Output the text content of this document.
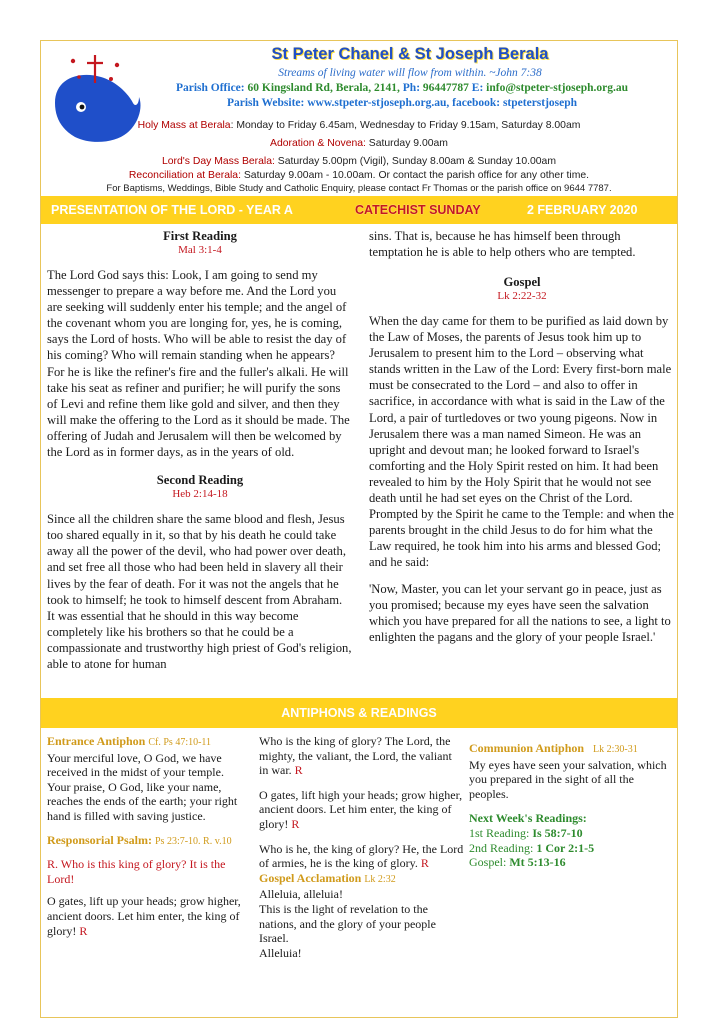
St Peter Chanel & St Joseph Berala
Streams of living water will flow from within. ~John 7:38
Parish Office: 60 Kingsland Rd, Berala, 2141, Ph: 96447787 E: info@stpeter-stjoseph.org.au
Parish Website: www.stpeter-stjoseph.org.au, facebook: stpeterstjoseph
Holy Mass at Berala: Monday to Friday 6.45am, Wednesday to Friday 9.15am, Saturday 8.00am
Adoration & Novena: Saturday 9.00am
Lord's Day Mass Berala: Saturday 5.00pm (Vigil), Sunday 8.00am & Sunday 10.00am
Reconciliation at Berala: Saturday 9.00am - 10.00am. Or contact the parish office for any other time.
For Baptisms, Weddings, Bible Study and Catholic Enquiry, please contact Fr Thomas or the parish office on 9644 7787.
PRESENTATION OF THE LORD - YEAR A	CATECHIST SUNDAY	2 FEBRUARY 2020
First Reading
Mal 3:1-4

The Lord God says this: Look, I am going to send my messenger to prepare a way before me. And the Lord you are seeking will suddenly enter his temple; and the angel of the covenant whom you are longing for, yes, he is coming, says the Lord of hosts. Who will be able to resist the day of his coming? Who will remain standing when he appears? For he is like the refiner's fire and the fuller's alkali. He will take his seat as refiner and purifier; he will purify the sons of Levi and refine them like gold and silver, and then they will make the offering to the Lord as it should be made. The offering of Judah and Jerusalem will then be welcomed by the Lord as in former days, as in the years of old.

Second Reading
Heb 2:14-18

Since all the children share the same blood and flesh, Jesus too shared equally in it, so that by his death he could take away all the power of the devil, who had power over death, and set free all those who had been held in slavery all their lives by the fear of death. For it was not the angels that he took to himself; he took to himself descent from Abraham. It was essential that he should in this way become completely like his brothers so that he could be a compassionate and trustworthy high priest of God's religion, able to atone for human

sins. That is, because he has himself been through temptation he is able to help others who are tempted.

Gospel
Lk 2:22-32

When the day came for them to be purified as laid down by the Law of Moses, the parents of Jesus took him up to Jerusalem to present him to the Lord – observing what stands written in the Law of the Lord: Every first-born male must be consecrated to the Lord – and also to offer in sacrifice, in accordance with what is said in the Law of the Lord, a pair of turtledoves or two young pigeons. Now in Jerusalem there was a man named Simeon. He was an upright and devout man; he looked forward to Israel's comforting and the Holy Spirit rested on him. It had been revealed to him by the Holy Spirit that he would not see death until he had set eyes on the Christ of the Lord. Prompted by the Spirit he came to the Temple: and when the parents brought in the child Jesus to do for him what the Law required, he took him into his arms and blessed God; and he said:

'Now, Master, you can let your servant go in peace, just as you promised; because my eyes have seen the salvation which you have prepared for all the nations to see, a light to enlighten the pagans and the glory of your people Israel.'

ANTIPHONS & READINGS
Entrance Antiphon Cf. Ps 47:10-11

Your merciful love, O God, we have received in the midst of your temple. Your praise, O God, like your name, reaches the ends of the earth; your right hand is filled with saving justice.

Responsorial Psalm: Ps 23:7-10. R. v.10

R. Who is this king of glory? It is the Lord!

O gates, lift up your heads; grow higher, ancient doors. Let him enter, the king of glory! R

Who is the king of glory? The Lord, the mighty, the valiant, the Lord, the valiant in war. R

O gates, lift high your heads; grow higher, ancient doors. Let him enter, the king of glory! R

Who is he, the king of glory? He, the Lord of armies, he is the king of glory. R

Gospel Acclamation Lk 2:32

Alleluia, alleluia!

This is the light of revelation to the nations, and the glory of your people Israel.

Alleluia!

Communion Antiphon Lk 2:30-31

My eyes have seen your salvation, which you prepared in the sight of all the peoples.

Next Week's Readings:
1st Reading: Is 58:7-10
2nd Reading: 1 Cor 2:1-5
Gospel: Mt 5:13-16
